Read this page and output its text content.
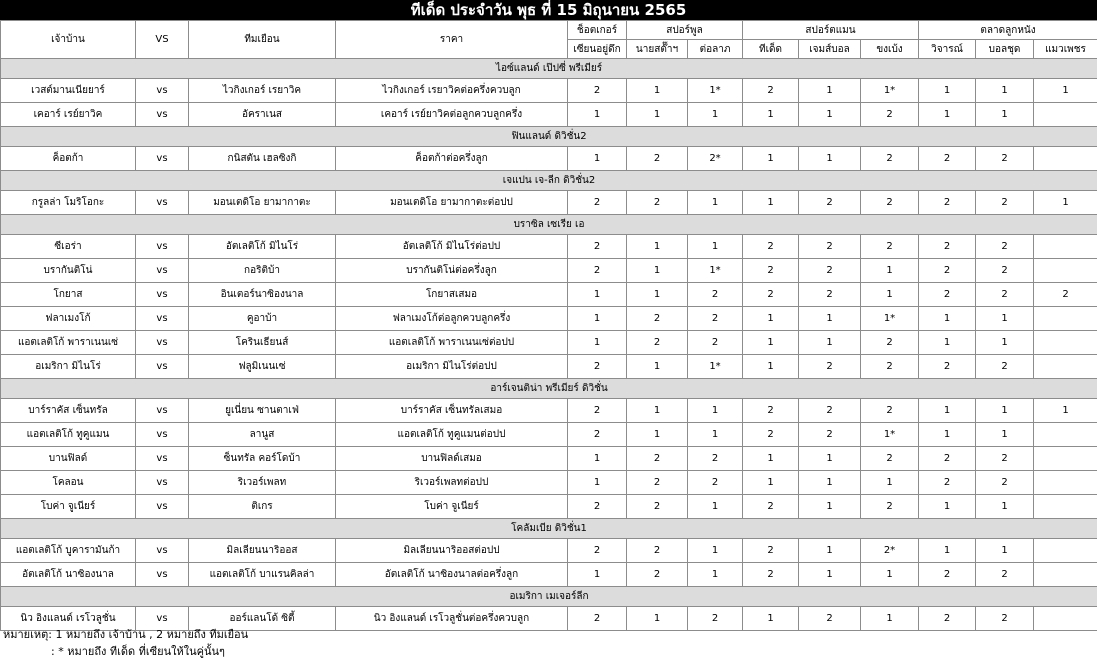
ทีเด็ด ประจำวัน พุธ ที่ 15 มิถุนายน 2565
เจ้าบ้าน	VS	ทีมเยือน	ราคา	ช็อตเกอร์	สปอร์พูล		สปอร์ตแมน			ตลาดลูกหนัง		
				เซียนอยู่ดึก	นายสต๊๊าฯ	ต่อลาภ	ทีเด็ด	เจมส์บอล	ขงเบ้ง	วิจารณ์	บอลชุด	แมวเพชร
ไอซ์แลนด์ เป๊ปซี่ พรีเมียร์												
เวสต์มานเนียยาร์	vs	ไวกิงเกอร์ เรยาวิค	ไวกิงเกอร์ เรยาวิคต่อครึ่งควบลูก	2	1	1*	2	1	1*	1	1	1
เคอาร์ เรย์ยาวิค	vs	อัคราเนส	เคอาร์ เรย์ยาวิคต่อลูกควบลูกครึ่ง	1	1	1	1	1	2	1	1	
ฟินแลนด์ ดิวิชั่น2												
ค็อตก้า	vs	กนิสตัน เฮลซิงกิ	ค็อตก้าต่อครึ่งลูก	1	2	2*	1	1	2	2	2	
เจแปน เจ-ลีก ดิวิชั่น2												
กรูลล่า โมริโอกะ	vs	มอนเตดิโอ ยามากาตะ	มอนเตดิโอ ยามากาตะต่อปป	2	2	1	1	2	2	2	2	1
บราซิล เซเรีย เอ												
ซีเอร่า	vs	อัตเลติโก้ มิไนโร่	อัตเลติโก้ มิไนโร่ต่อปป	2	1	1	2	2	2	2	2	
บรากันติโน่	vs	กอริติบ้า	บรากันติโน่ต่อครึ่งลูก	2	1	1*	2	2	1	2	2	
โกยาส	vs	อินเตอร์นาซิองนาล	โกยาสเสมอ	1	1	2	2	2	1	2	2	2
ฟลาเมงโก้	vs	คูอาบ้า	ฟลาเมงโก้ต่อลูกควบลูกครึ่ง	1	2	2	1	1	1*	1	1	
แอตเลติโก้ พาราเนนเซ่	vs	โครินเธียนส์	แอตเลติโก้ พาราเนนเซ่ต่อปป	1	2	2	1	1	2	1	1	
อเมริกา มิไนโร่	vs	ฟลูมิเนนเซ่	อเมริกา มิไนโร่ต่อปป	2	1	1*	1	2	2	2	2	
อาร์เจนติน่า พรีเมียร์ ดิวิชั่น												
บาร์ราคัส เซ็นทรัล	vs	ยูเนี่ยน ซานตาเฟ่	บาร์ราคัส เซ็นทรัลเสมอ	2	1	1	2	2	2	1	1	1
แอตเลติโก้ ทูคูแมน	vs	ลานูส	แอตเลติโก้ ทูคูแมนต่อปป	2	1	1	2	2	1*	1	1	
บานฟิลด์	vs	ซ็นทรัล คอร์โดบ้า	บานฟิลด์เสมอ	1	2	2	1	1	2	2	2	
โคลอน	vs	ริเวอร์เพลท	ริเวอร์เพลทต่อปป	1	2	2	1	1	1	2	2	
โบค่า จูเนียร์	vs	ติเกร	โบค่า จูเนียร์	2	2	1	2	1	2	1	1	
โคลัมเบีย ดิวิชั่น1												
แอตเลติโก้ บูคารามันก้า	vs	มิลเลียนนาริออส	มิลเลียนนาริออสต่อปป	2	2	1	2	1	2*	1	1	
อัตเลติโก้ นาซิองนาล	vs	แอตเลติโก้ บาแรนคิลล่า	อัตเลติโก้ นาซิองนาลต่อครึ่งลูก	1	2	1	2	1	1	2	2	
อเมริกา เมเจอร์ลีก												
นิว อิงแลนด์ เรโวลูชั่น	vs	ออร์แลนโด้ ซิตี้	นิว อิงแลนด์ เรโวลูชั่นต่อครึ่งควบลูก	2	1	2	1	2	1	2	2	
หมายเหตุ: 1 หมายถึง เจ้าบ้าน , 2 หมายถึง ทีมเยือน
: * หมายถึง ทีเด็ด ที่เซียนให้ในคู่นั้นๆ
